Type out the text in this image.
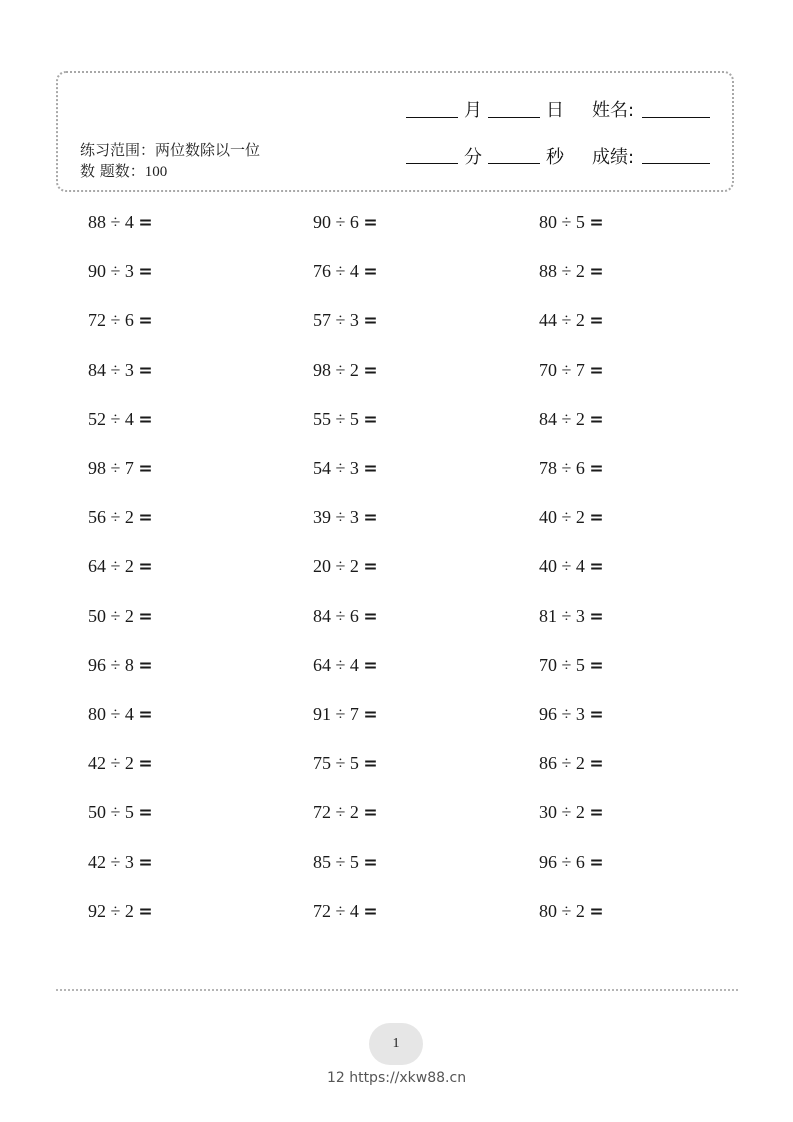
练习范围：两位数除以一位
数 题数：100
月	日 姓名:
分	秒 成绩:
88 ÷ 4 =	90 ÷ 6 =	80 ÷ 5 =
90 ÷ 3 =	76 ÷ 4 =	88 ÷ 2 =
72 ÷ 6 =	57 ÷ 3 =	44 ÷ 2 =
84 ÷ 3 =	98 ÷ 2 =	70 ÷ 7 =
52 ÷ 4 =	55 ÷ 5 =	84 ÷ 2 =
98 ÷ 7 =	54 ÷ 3 =	78 ÷ 6 =
56 ÷ 2 =	39 ÷ 3 =	40 ÷ 2 =
64 ÷ 2 =	20 ÷ 2 =	40 ÷ 4 =
50 ÷ 2 =	84 ÷ 6 =	81 ÷ 3 =
96 ÷ 8 =	64 ÷ 4 =	70 ÷ 5 =
80 ÷ 4 =	91 ÷ 7 =	96 ÷ 3 =
42 ÷ 2 =	75 ÷ 5 =	86 ÷ 2 =
50 ÷ 5 =	72 ÷ 2 =	30 ÷ 2 =
42 ÷ 3 =	85 ÷ 5 =	96 ÷ 6 =
92 ÷ 2 =	72 ÷ 4 =	80 ÷ 2 =
1
12 https://xkw88.cn
